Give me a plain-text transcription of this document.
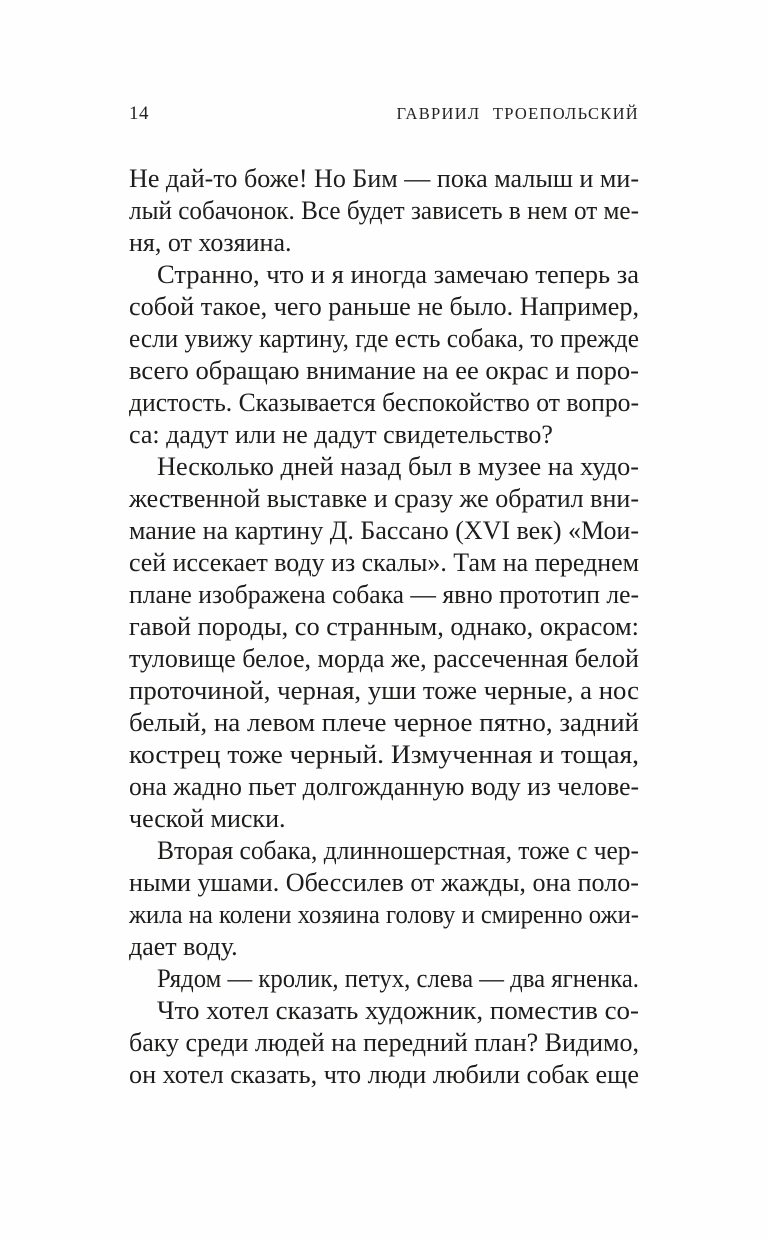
14	ГАВРИИЛ ТРОЕПОЛЬСКИЙ
Не дай-то боже! Но Бим — пока малыш и ми-
лый собачонок. Все будет зависеть в нем от ме-
ня, от хозяина.
Странно, что и я иногда замечаю теперь за
собой такое, чего раньше не было. Например,
если увижу картину, где есть собака, то прежде
всего обращаю внимание на ее окрас и поро-
дистость. Сказывается беспокойство от вопро-
са: дадут или не дадут свидетельство?
Несколько дней назад был в музее на худо-
жественной выставке и сразу же обратил вни-
мание на картину Д. Бассано (XVI век) «Мои-
сей иссекает воду из скалы». Там на переднем
плане изображена собака — явно прототип ле-
гавой породы, со странным, однако, окрасом:
туловище белое, морда же, рассеченная белой
проточиной, черная, уши тоже черные, а нос
белый, на левом плече черное пятно, задний
кострец тоже черный. Измученная и тощая,
она жадно пьет долгожданную воду из челове-
ческой миски.
Вторая собака, длинношерстная, тоже с чер-
ными ушами. Обессилев от жажды, она поло-
жила на колени хозяина голову и смиренно ожи-
дает воду.
Рядом — кролик, петух, слева — два ягненка.
Что хотел сказать художник, поместив со-
баку среди людей на передний план? Видимо,
он хотел сказать, что люди любили собак еще
